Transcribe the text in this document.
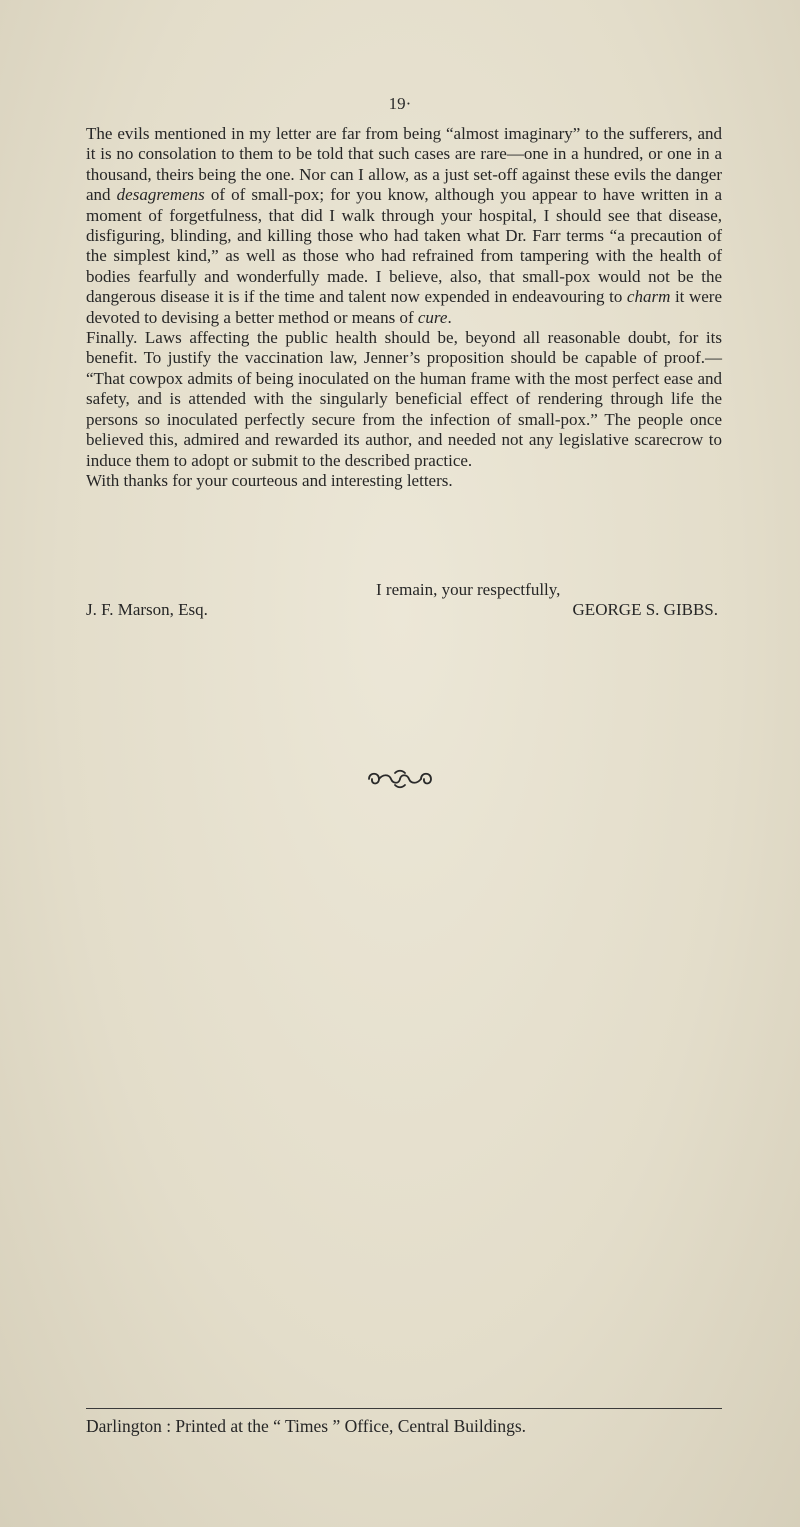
19·

The evils mentioned in my letter are far from being “almost imaginary” to the sufferers, and it is no consolation to them to be told that such cases are rare—one in a hundred, or one in a thousand, theirs being the one. Nor can I allow, as a just set-off against these evils the danger and desagremens of of small-pox; for you know, although you appear to have written in a moment of forgetfulness, that did I walk through your hospital, I should see that disease, disfiguring, blinding, and killing those who had taken what Dr. Farr terms “a precaution of the simplest kind,” as well as those who had refrained from tampering with the health of bodies fearfully and wonderfully made. I believe, also, that small-pox would not be the dangerous disease it is if the time and talent now expended in endeavouring to charm it were devoted to devising a better method or means of cure.

Finally. Laws affecting the public health should be, beyond all reasonable doubt, for its benefit. To justify the vaccination law, Jenner’s proposition should be capable of proof.— “That cowpox admits of being inoculated on the human frame with the most perfect ease and safety, and is attended with the singularly beneficial effect of rendering through life the persons so inoculated perfectly secure from the infection of small-pox.” The people once believed this, admired and rewarded its author, and needed not any legislative scarecrow to induce them to adopt or submit to the described practice.

With thanks for your courteous and interesting letters.

I remain, your respectfully,
J. F. Marson, Esq.	GEORGE S. GIBBS.
Darlington : Printed at the “ Times ” Office, Central Buildings.
